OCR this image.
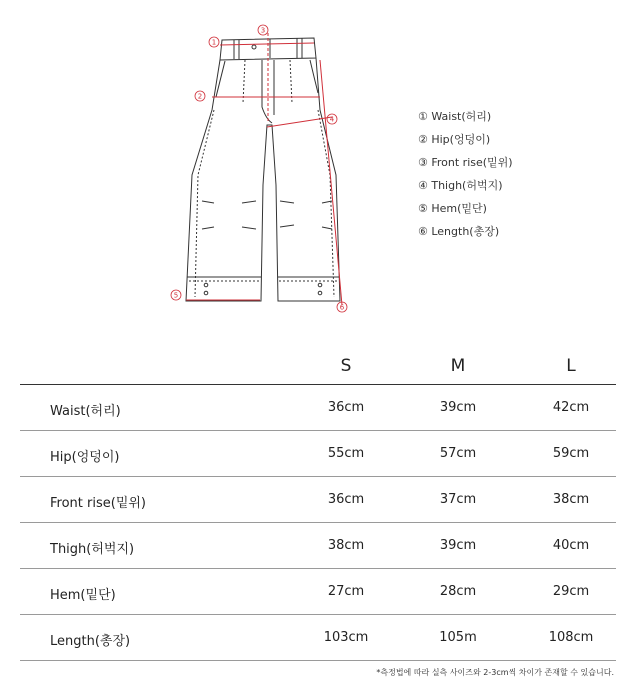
1
3
2
4
5
6
① Waist(허리)
② Hip(엉덩이)
③ Front rise(밑위)
④ Thigh(허벅지)
⑤ Hem(밑단)
⑥ Length(총장)
S	M	L
Waist(허리)	36cm	39cm	42cm
Hip(엉덩이)	55cm	57cm	59cm
Front rise(밑위)	36cm	37cm	38cm
Thigh(허벅지)	38cm	39cm	40cm
Hem(밑단)	27cm	28cm	29cm
Length(총장)	103cm	105m	108cm
*측정법에 따라 실측 사이즈와 2-3cm씩 차이가 존재할 수 있습니다.
